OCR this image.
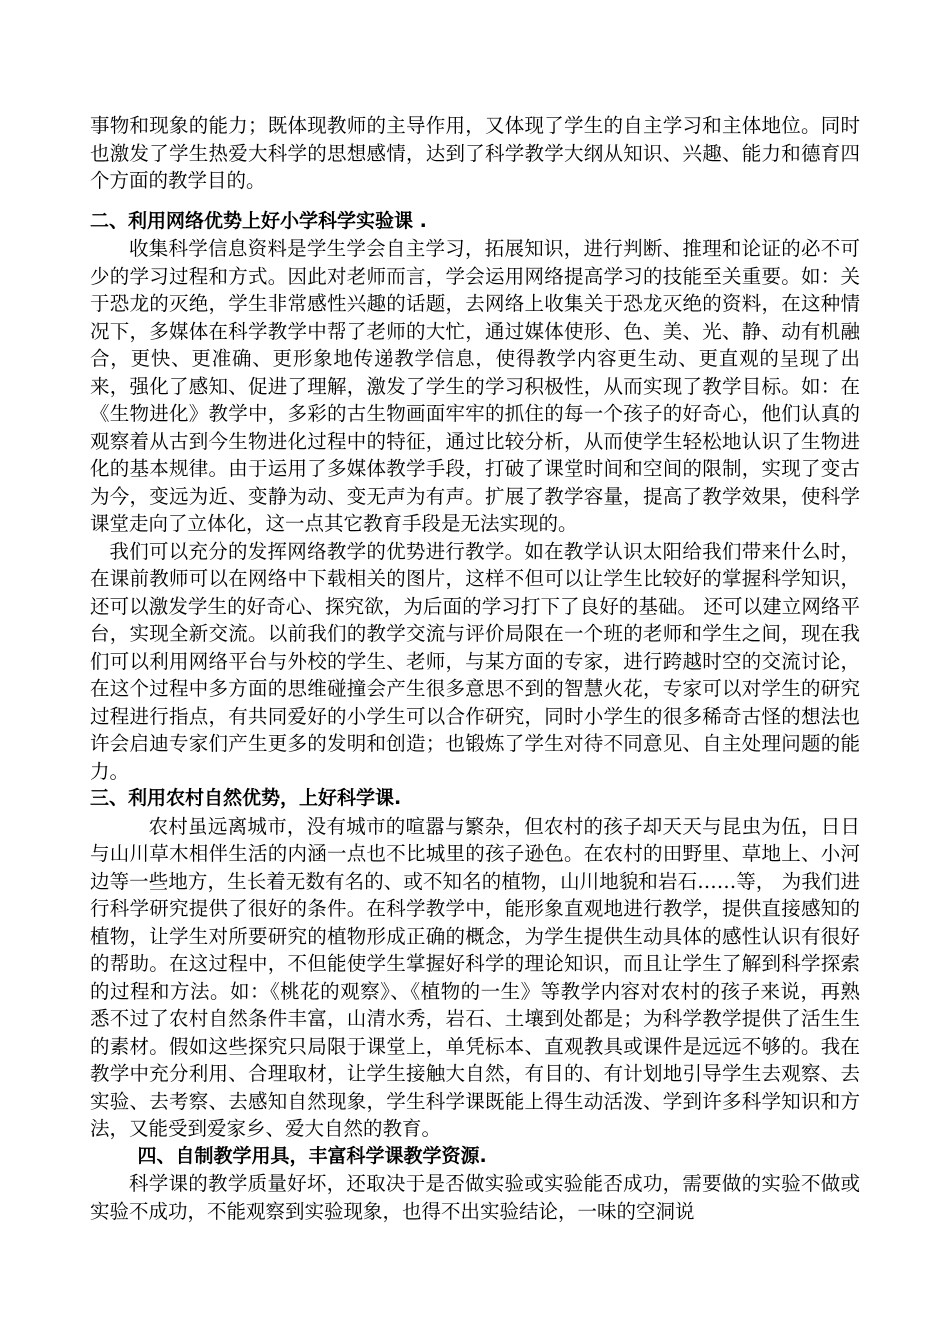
事物和现象的能力；既体现教师的主导作用，又体现了学生的自主学习和主体地位。同时也激发了学生热爱大科学的思想感情，达到了科学教学大纲从知识、兴趣、能力和德育四个方面的教学目的。

二、利用网络优势上好小学科学实验课 .

收集科学信息资料是学生学会自主学习，拓展知识，进行判断、推理和论证的必不可少的学习过程和方式。因此对老师而言，学会运用网络提高学习的技能至关重要。如：关于恐龙的灭绝，学生非常感性兴趣的话题，去网络上收集关于恐龙灭绝的资料，在这种情况下，多媒体在科学教学中帮了老师的大忙，通过媒体使形、色、美、光、静、动有机融合，更快、更准确、更形象地传递教学信息，使得教学内容更生动、更直观的呈现了出来，强化了感知、促进了理解，激发了学生的学习积极性，从而实现了教学目标。如：在《生物进化》教学中，多彩的古生物画面牢牢的抓住的每一个孩子的好奇心，他们认真的观察着从古到今生物进化过程中的特征，通过比较分析，从而使学生轻松地认识了生物进化的基本规律。由于运用了多媒体教学手段，打破了课堂时间和空间的限制，实现了变古为今，变远为近、变静为动、变无声为有声。扩展了教学容量，提高了教学效果，使科学课堂走向了立体化，这一点其它教育手段是无法实现的。

我们可以充分的发挥网络教学的优势进行教学。如在教学认识太阳给我们带来什么时，在课前教师可以在网络中下载相关的图片，这样不但可以让学生比较好的掌握科学知识，还可以激发学生的好奇心、探究欲，为后面的学习打下了良好的基础。 还可以建立网络平台，实现全新交流。以前我们的教学交流与评价局限在一个班的老师和学生之间，现在我们可以利用网络平台与外校的学生、老师，与某方面的专家，进行跨越时空的交流讨论，在这个过程中多方面的思维碰撞会产生很多意思不到的智慧火花，专家可以对学生的研究过程进行指点，有共同爱好的小学生可以合作研究，同时小学生的很多稀奇古怪的想法也许会启迪专家们产生更多的发明和创造；也锻炼了学生对待不同意见、自主处理问题的能力。

三、利用农村自然优势，上好科学课.

农村虽远离城市，没有城市的喧嚣与繁杂，但农村的孩子却天天与昆虫为伍，日日与山川草木相伴生活的内涵一点也不比城里的孩子逊色。在农村的田野里、草地上、小河边等一些地方，生长着无数有名的、或不知名的植物，山川地貌和岩石……等， 为我们进行科学研究提供了很好的条件。在科学教学中，能形象直观地进行教学，提供直接感知的植物，让学生对所要研究的植物形成正确的概念，为学生提供生动具体的感性认识有很好的帮助。在这过程中，不但能使学生掌握好科学的理论知识，而且让学生了解到科学探索的过程和方法。如：《桃花的观察》、《植物的一生》等教学内容对农村的孩子来说，再熟悉不过了农村自然条件丰富，山清水秀，岩石、土壤到处都是；为科学教学提供了活生生的素材。假如这些探究只局限于课堂上，单凭标本、直观教具或课件是远远不够的。我在教学中充分利用、合理取材，让学生接触大自然，有目的、有计划地引导学生去观察、去实验、去考察、去感知自然现象，学生科学课既能上得生动活泼、学到许多科学知识和方法，又能受到爱家乡、爱大自然的教育。

四、自制教学用具，丰富科学课教学资源.

科学课的教学质量好坏，还取决于是否做实验或实验能否成功，需要做的实验不做或实验不成功，不能观察到实验现象，也得不出实验结论，一味的空洞说
